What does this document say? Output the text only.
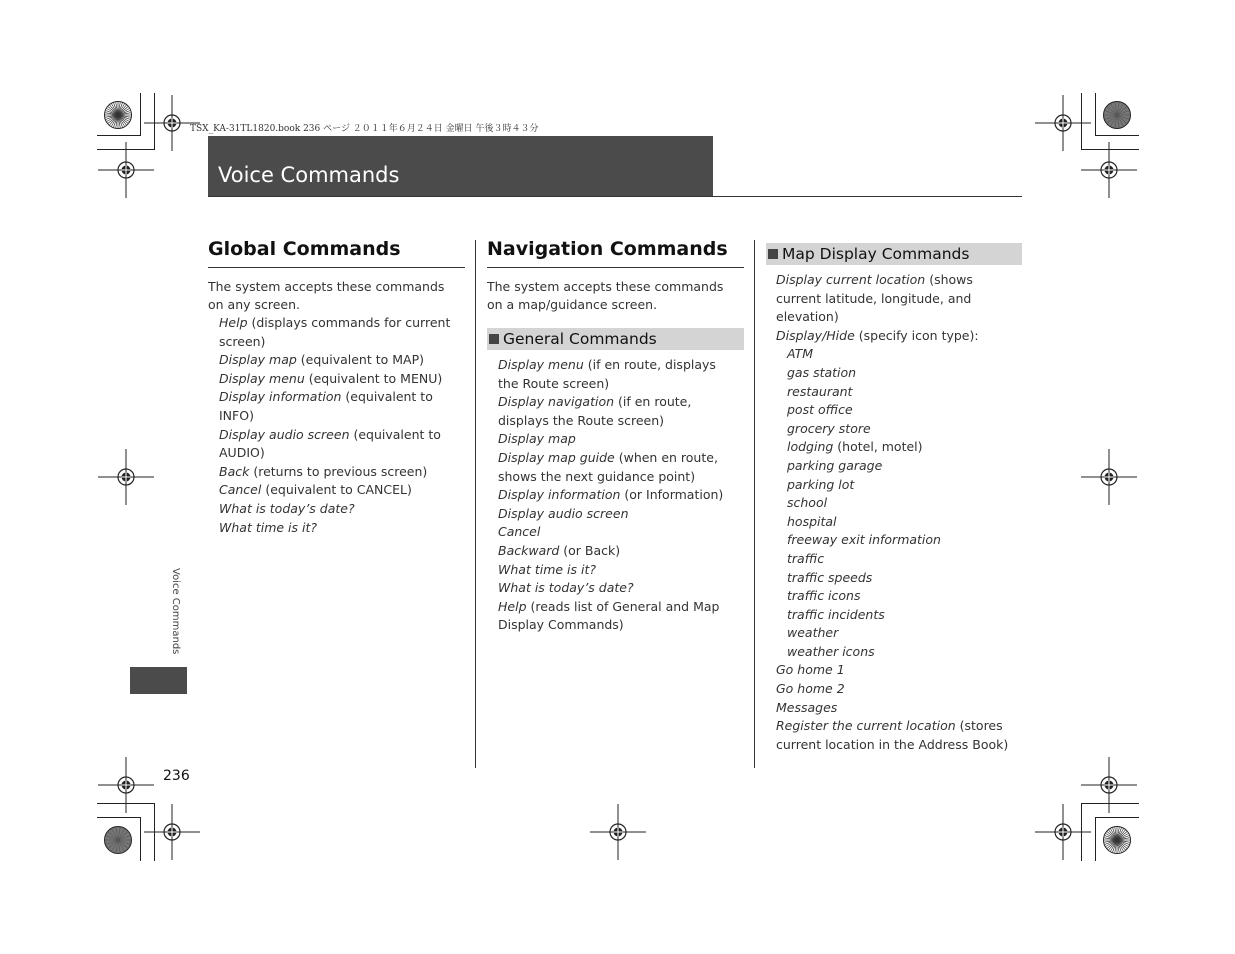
TSX_KA-31TL1820.book 236 ページ ２０１１年６月２４日 金曜日 午後３時４３分
Voice Commands
Global Commands
The system accepts these commands on any screen.
Help (displays commands for current screen)
Display map (equivalent to MAP)
Display menu (equivalent to MENU)
Display information (equivalent to INFO)
Display audio screen (equivalent to AUDIO)
Back (returns to previous screen)
Cancel (equivalent to CANCEL)
What is today’s date?
What time is it?
Navigation Commands
The system accepts these commands on a map/guidance screen.
General Commands
Display menu (if en route, displays the Route screen)
Display navigation (if en route, displays the Route screen)
Display map
Display map guide (when en route, shows the next guidance point)
Display information (or Information)
Display audio screen
Cancel
Backward (or Back)
What time is it?
What is today’s date?
Help (reads list of General and Map Display Commands)
Map Display Commands
Display current location (shows current latitude, longitude, and elevation)
Display/Hide (specify icon type):
ATM
gas station
restaurant
post office
grocery store
lodging (hotel, motel)
parking garage
parking lot
school
hospital
freeway exit information
traffic
traffic speeds
traffic icons
traffic incidents
weather
weather icons
Go home 1
Go home 2
Messages
Register the current location (stores current location in the Address Book)
Voice Commands
236
